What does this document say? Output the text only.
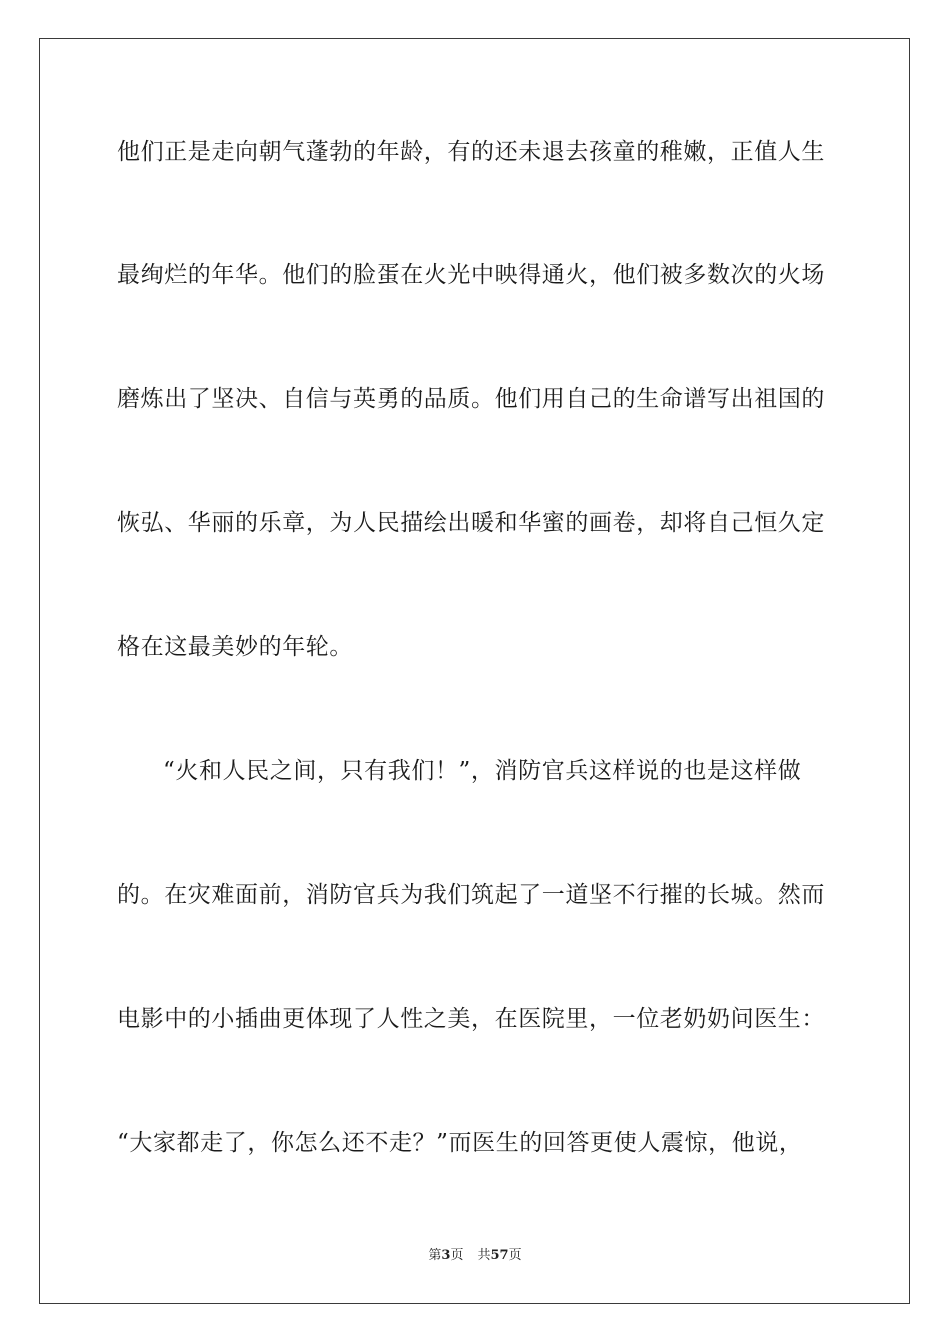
他们正是走向朝气蓬勃的年龄，有的还未退去孩童的稚嫩，正值人生
最绚烂的年华。他们的脸蛋在火光中映得通火，他们被多数次的火场
磨炼出了坚决、自信与英勇的品质。他们用自己的生命谱写出祖国的
恢弘、华丽的乐章，为人民描绘出暖和华蜜的画卷，却将自己恒久定
格在这最美妙的年轮。
“火和人民之间，只有我们！”，消防官兵这样说的也是这样做
的。在灾难面前，消防官兵为我们筑起了一道坚不行摧的长城。然而
电影中的小插曲更体现了人性之美，在医院里，一位老奶奶问医生：
“大家都走了，你怎么还不走？”而医生的回答更使人震惊，他说，
第3页 共57页
